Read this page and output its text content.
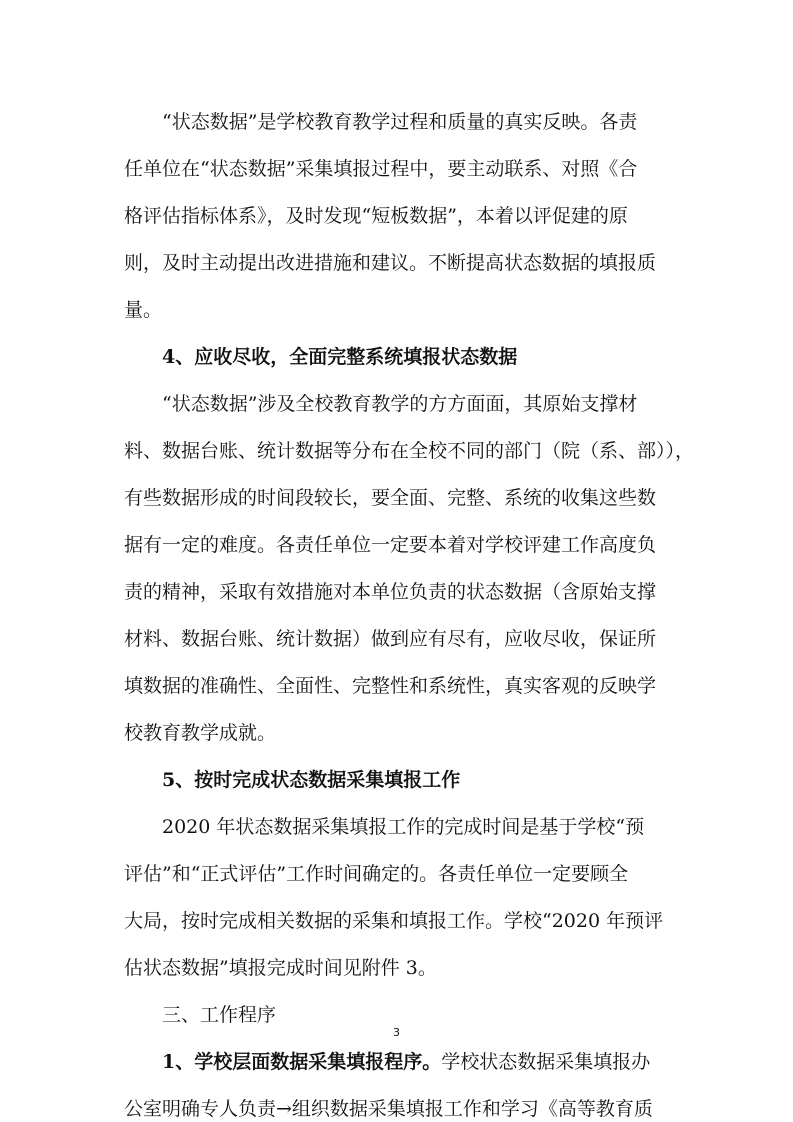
“状态数据”是学校教育教学过程和质量的真实反映。各责
任单位在“状态数据”采集填报过程中，要主动联系、对照《合
格评估指标体系》，及时发现“短板数据”，本着以评促建的原
则，及时主动提出改进措施和建议。不断提高状态数据的填报质
量。
4、应收尽收，全面完整系统填报状态数据
“状态数据”涉及全校教育教学的方方面面，其原始支撑材
料、数据台账、统计数据等分布在全校不同的部门（院（系、部）），
有些数据形成的时间段较长，要全面、完整、系统的收集这些数
据有一定的难度。各责任单位一定要本着对学校评建工作高度负
责的精神，采取有效措施对本单位负责的状态数据（含原始支撑
材料、数据台账、统计数据）做到应有尽有，应收尽收，保证所
填数据的准确性、全面性、完整性和系统性，真实客观的反映学
校教育教学成就。
5、按时完成状态数据采集填报工作
2020 年状态数据采集填报工作的完成时间是基于学校“预
评估”和“正式评估”工作时间确定的。各责任单位一定要顾全
大局，按时完成相关数据的采集和填报工作。学校“2020 年预评
估状态数据”填报完成时间见附件 3。
三、工作程序
1、学校层面数据采集填报程序。学校状态数据采集填报办
公室明确专人负责→组织数据采集填报工作和学习《高等教育质
3
